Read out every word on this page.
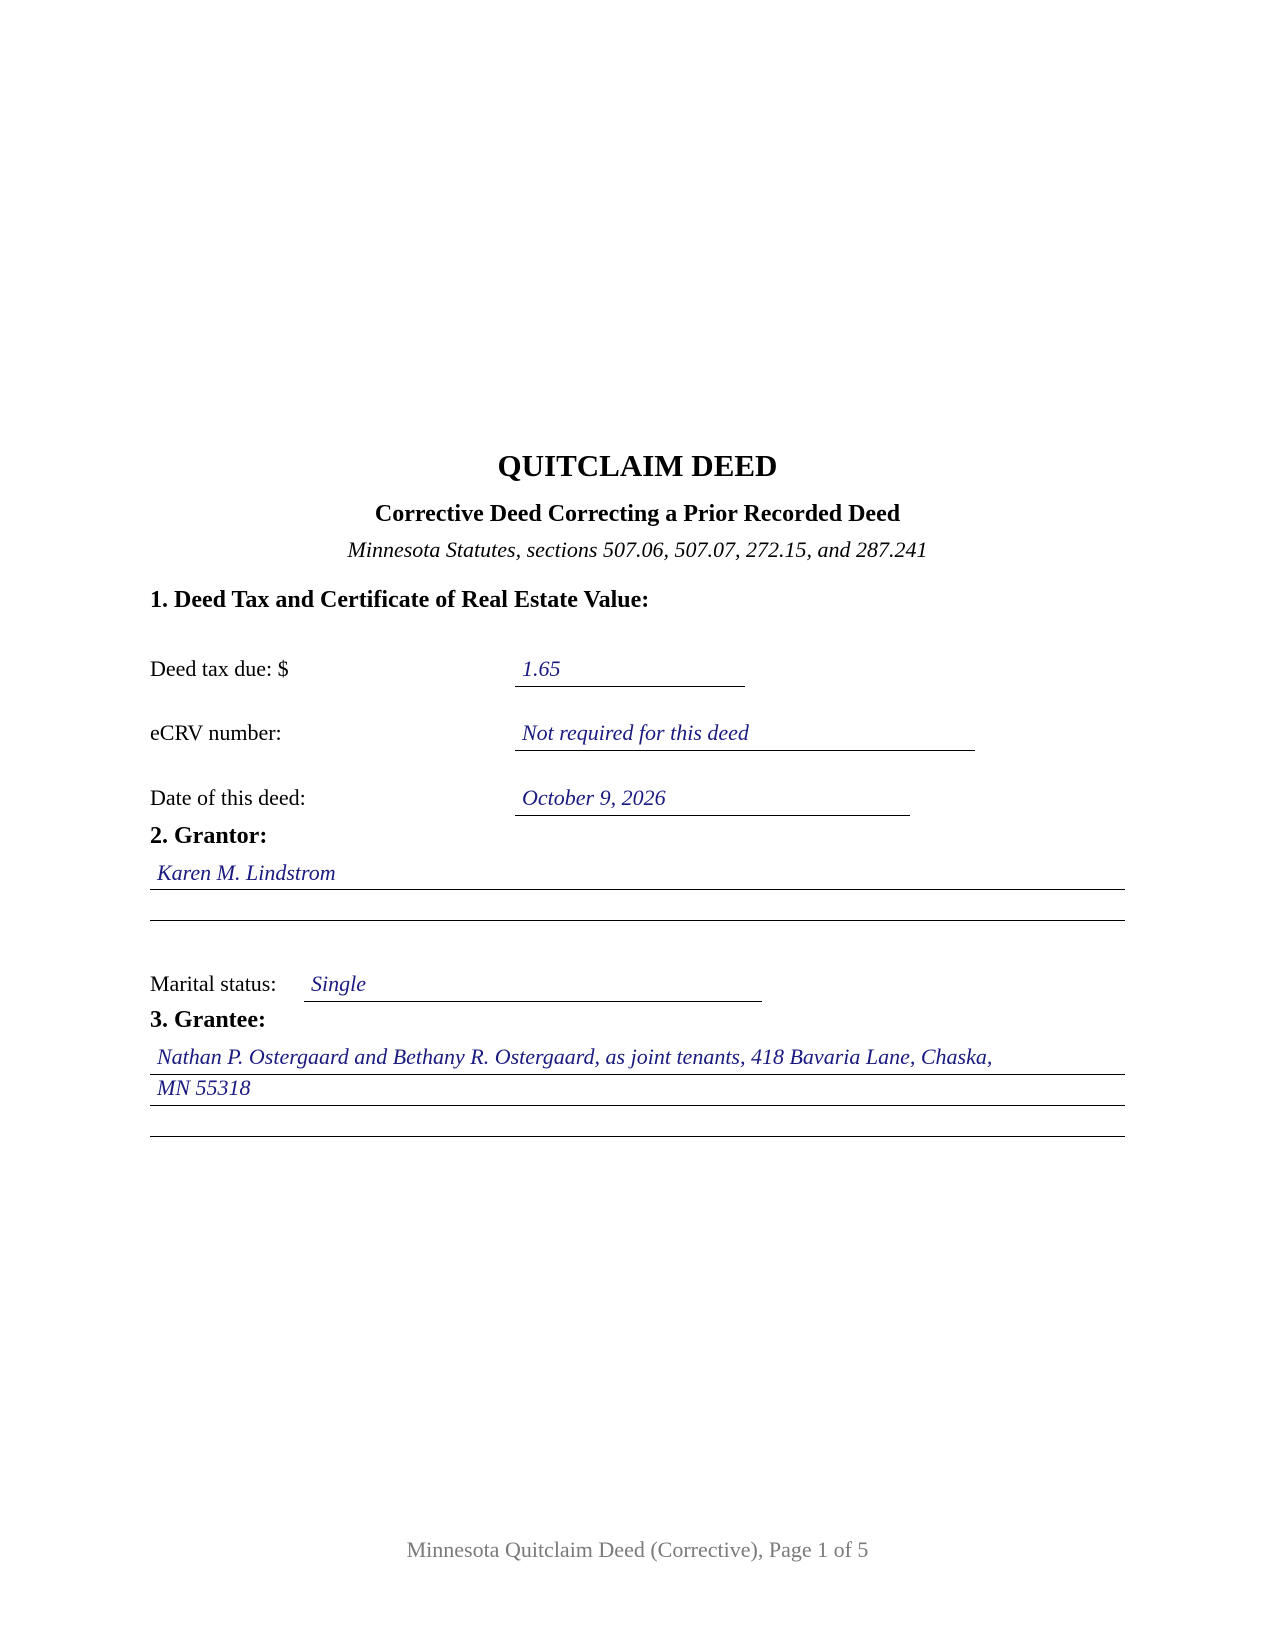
QUITCLAIM DEED
Corrective Deed Correcting a Prior Recorded Deed
Minnesota Statutes, sections 507.06, 507.07, 272.15, and 287.241
1. Deed Tax and Certificate of Real Estate Value:
Deed tax due: $	1.65
eCRV number:	Not required for this deed
Date of this deed:	October 9, 2026
2. Grantor:
Karen M. Lindstrom
Marital status: Single
3. Grantee:
Nathan P. Ostergaard and Bethany R. Ostergaard, as joint tenants, 418 Bavaria Lane, Chaska,
MN 55318
Minnesota Quitclaim Deed (Corrective), Page 1 of 5
